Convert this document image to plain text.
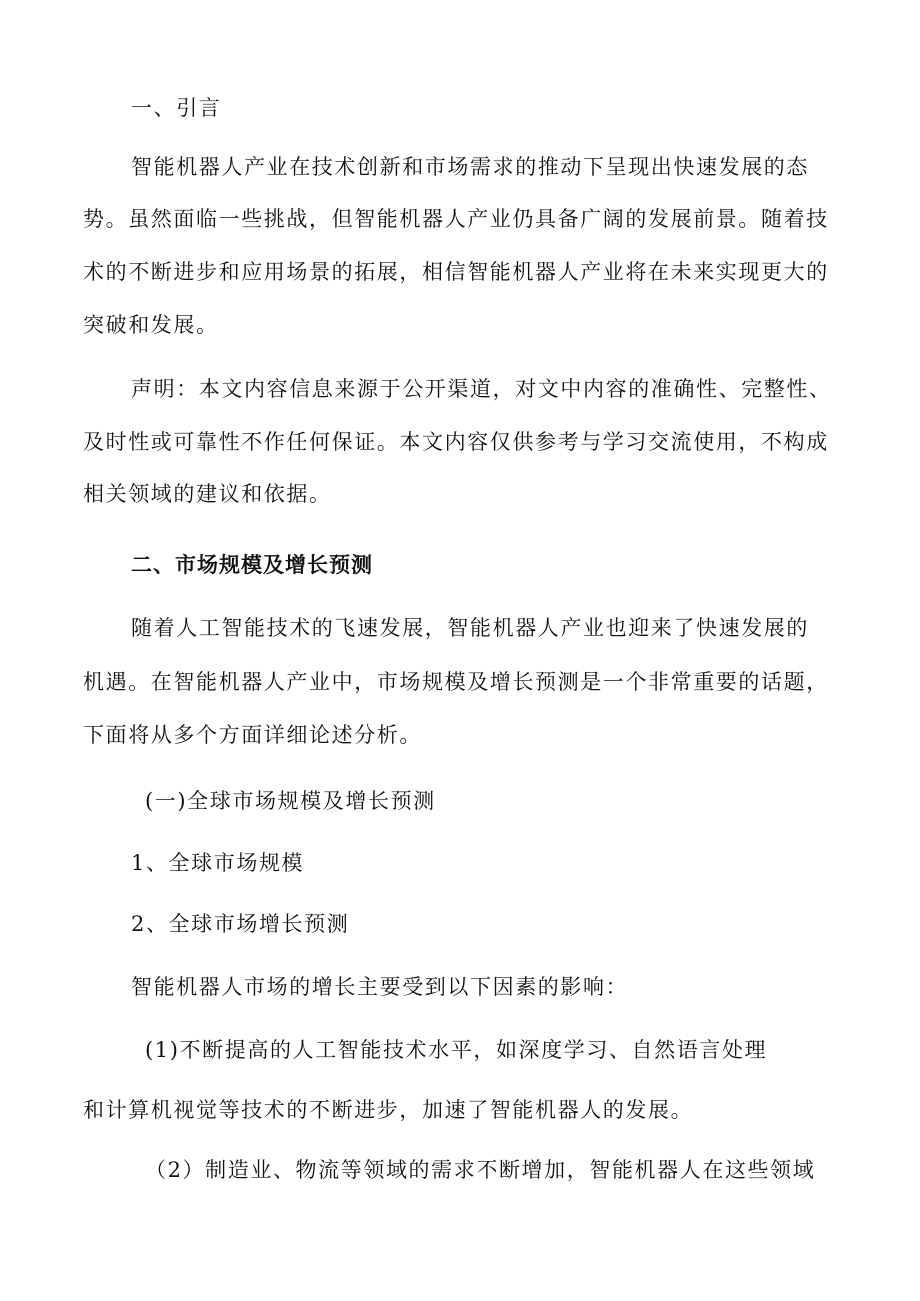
一、引言
智能机器人产业在技术创新和市场需求的推动下呈现出快速发展的态
势。虽然面临一些挑战，但智能机器人产业仍具备广阔的发展前景。随着技
术的不断进步和应用场景的拓展，相信智能机器人产业将在未来实现更大的
突破和发展。
声明：本文内容信息来源于公开渠道，对文中内容的准确性、完整性、
及时性或可靠性不作任何保证。本文内容仅供参考与学习交流使用，不构成
相关领域的建议和依据。
二、市场规模及增长预测
随着人工智能技术的飞速发展，智能机器人产业也迎来了快速发展的
机遇。在智能机器人产业中，市场规模及增长预测是一个非常重要的话题，
下面将从多个方面详细论述分析。
(一)全球市场规模及增长预测
1、全球市场规模
2、全球市场增长预测
智能机器人市场的增长主要受到以下因素的影响：
(1)不断提高的人工智能技术水平，如深度学习、自然语言处理
和计算机视觉等技术的不断进步，加速了智能机器人的发展。
（2）制造业、物流等领域的需求不断增加，智能机器人在这些领域
